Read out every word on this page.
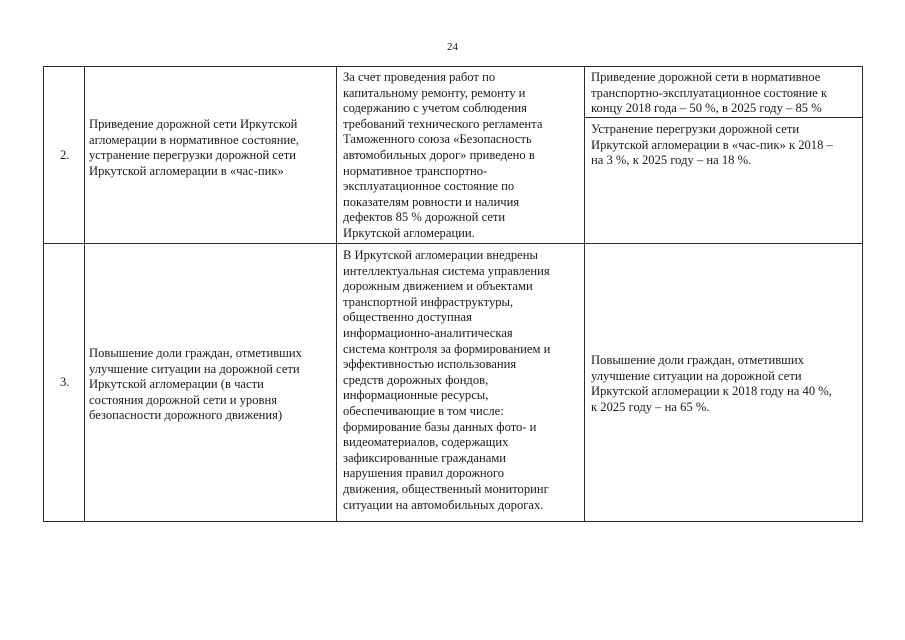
24
2.
Приведение дорожной сети Иркутской
агломерации в нормативное состояние,
устранение перегрузки дорожной сети
Иркутской агломерации в «час-пик»
За счет проведения работ по
капитальному ремонту, ремонту и
содержанию с учетом соблюдения
требований технического регламента
Таможенного союза «Безопасность
автомобильных дорог» приведено в
нормативное транспортно-
эксплуатационное состояние по
показателям ровности и наличия
дефектов 85 % дорожной сети
Иркутской агломерации.
Приведение дорожной сети в нормативное
транспортно-эксплуатационное состояние к
концу 2018 года – 50 %, в 2025 году – 85 %
Устранение перегрузки дорожной сети
Иркутской агломерации в «час-пик» к 2018 –
на 3 %, к 2025 году – на 18 %.
3.
Повышение доли граждан, отметивших
улучшение ситуации на дорожной сети
Иркутской агломерации (в части
состояния дорожной сети и уровня
безопасности дорожного движения)
В Иркутской агломерации внедрены
интеллектуальная система управления
дорожным движением и объектами
транспортной инфраструктуры,
общественно доступная
информационно-аналитическая
система контроля за формированием и
эффективностью использования
средств дорожных фондов,
информационные ресурсы,
обеспечивающие в том числе:
формирование базы данных фото- и
видеоматериалов, содержащих
зафиксированные гражданами
нарушения правил дорожного
движения, общественный мониторинг
ситуации на автомобильных дорогах.
Повышение доли граждан, отметивших
улучшение ситуации на дорожной сети
Иркутской агломерации к 2018 году на 40 %,
к 2025 году – на 65 %.
